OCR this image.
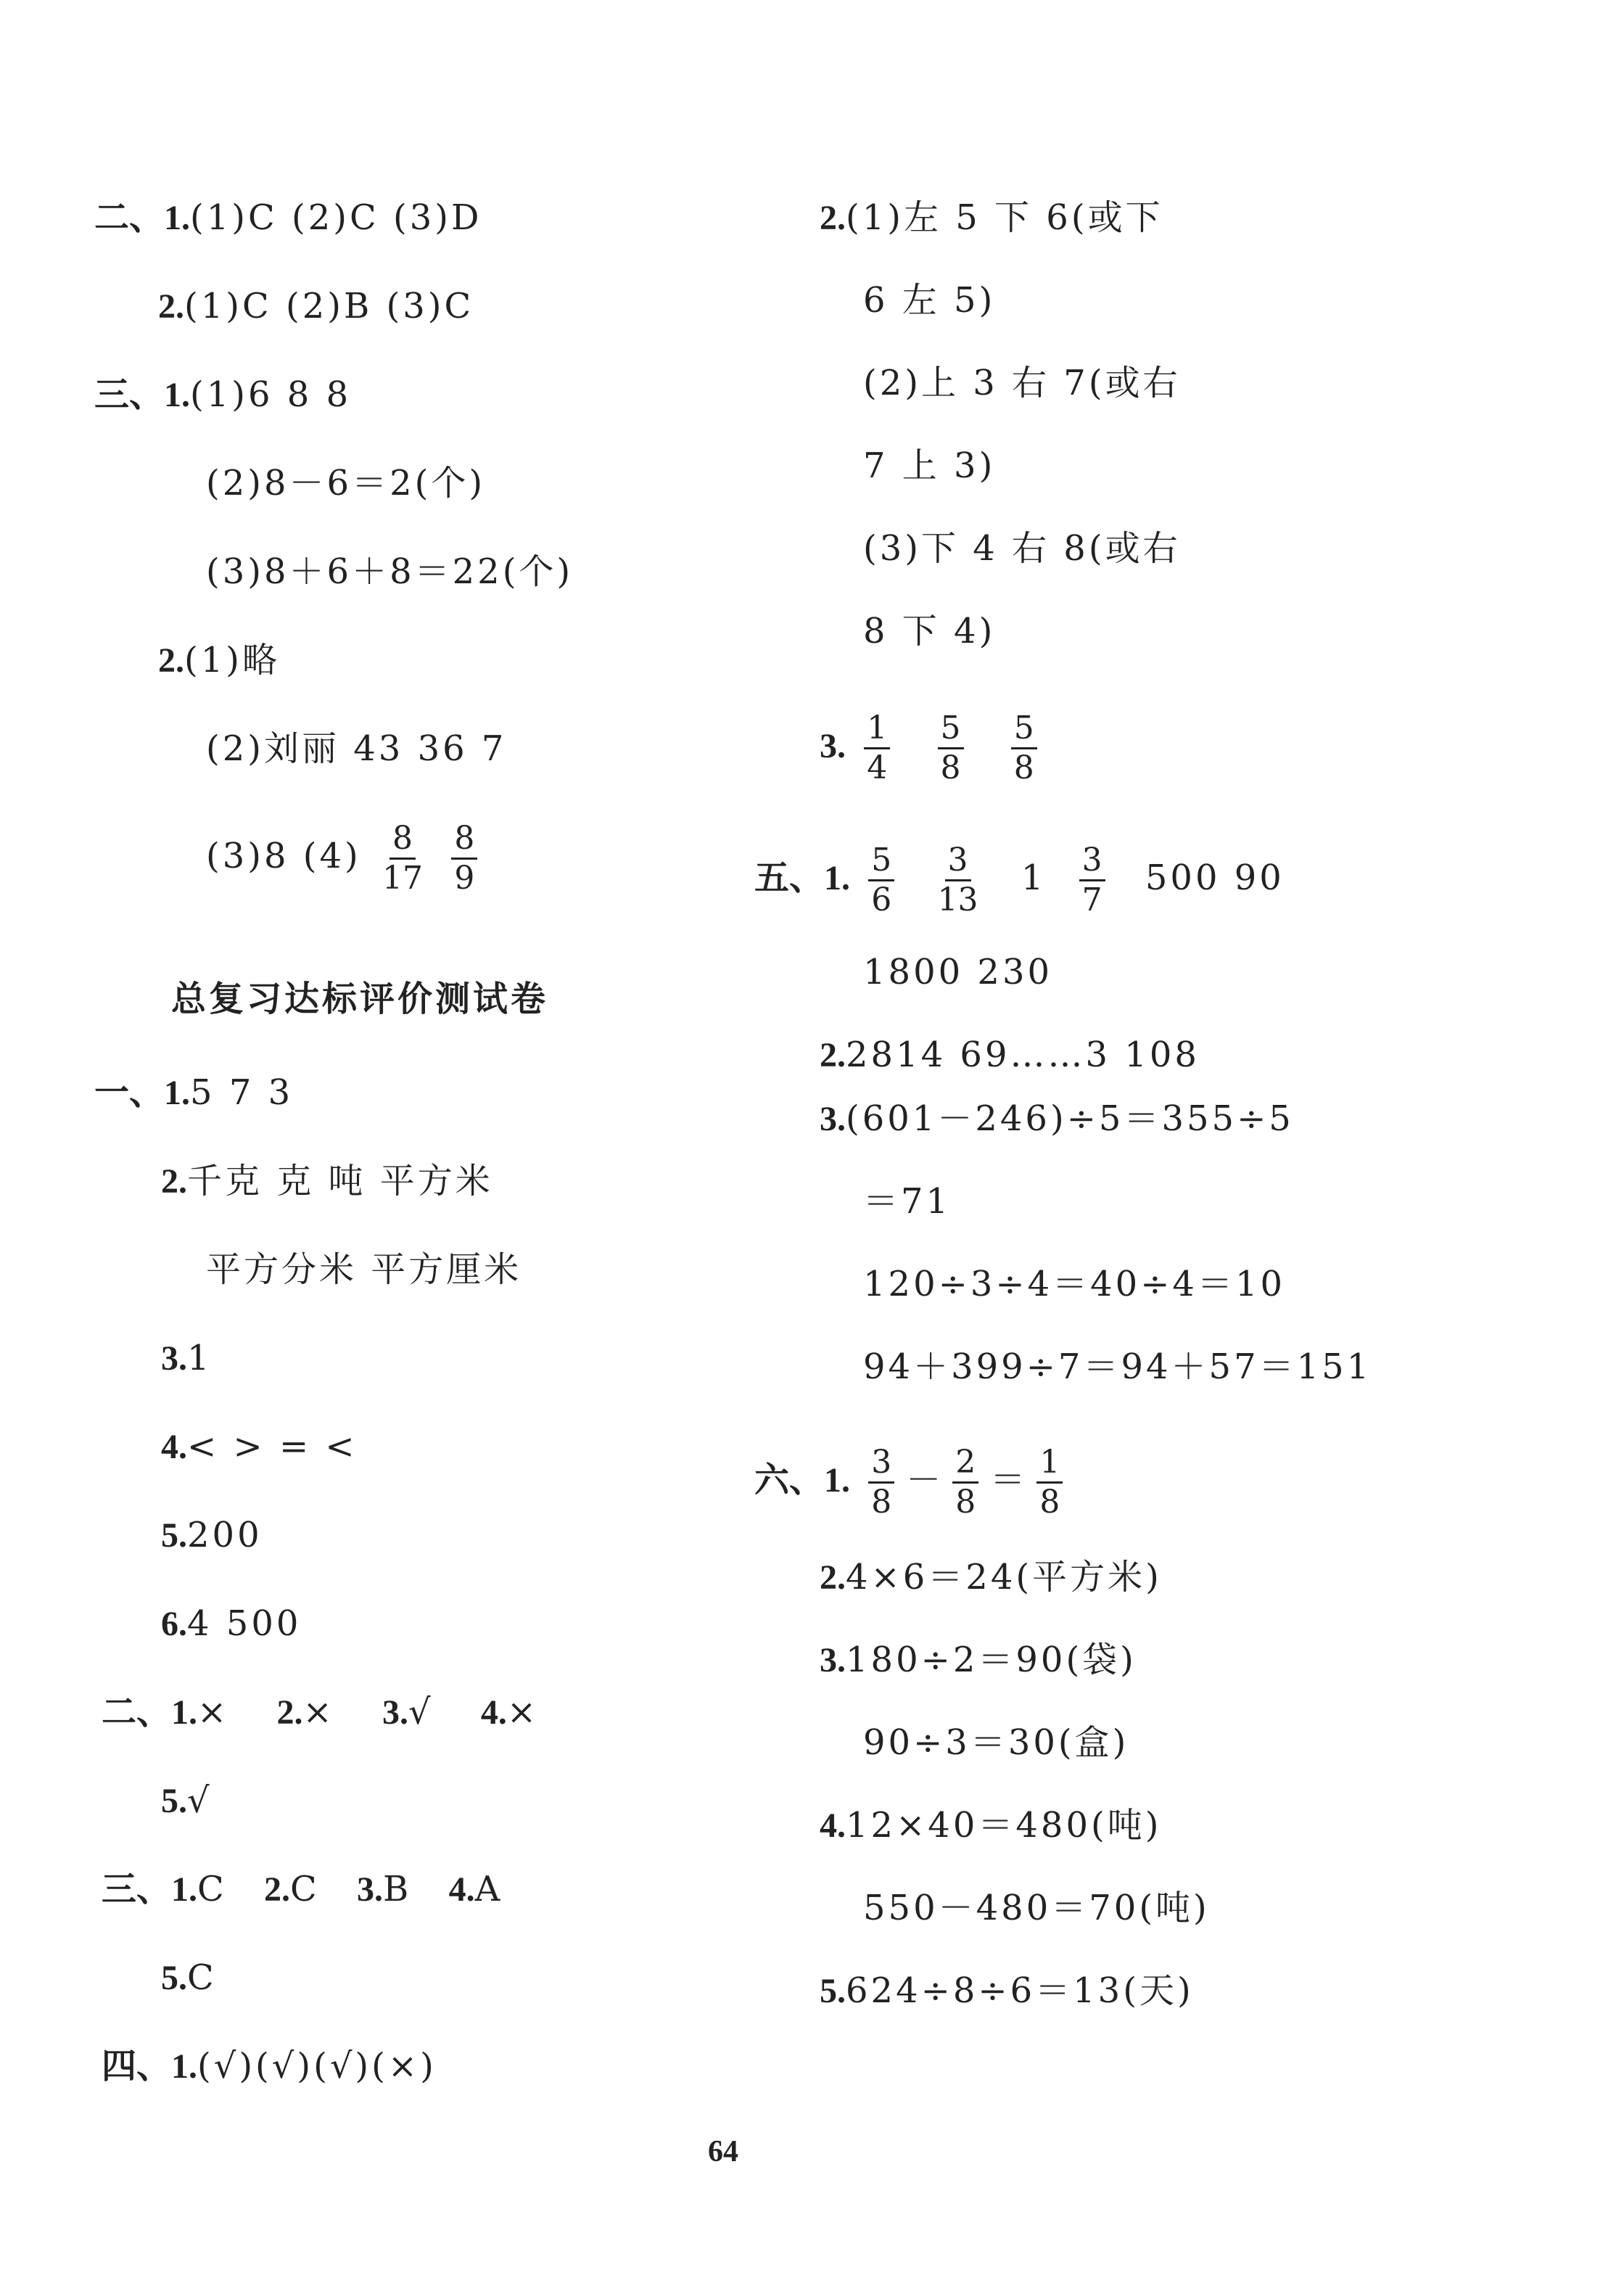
二、1.(1)C (2)C (3)D
2.(1)C (2)B (3)C
三、1.(1)6 8 8
(2)8－6＝2(个)
(3)8＋6＋8＝22(个)
2.(1)略
(2)刘丽 43 36 7
(3)8 $(4) \frac{8}{17}$
$\frac{8}{9}$
总复习达标评价测试卷
一、1.5 7 3
2.千克 克 吨 平方米
平方分米 平方厘米
3.1
4.< > = <
5.200
6.4 500
二、1.× 2.× 3.√ 4.×
5.√
三、1.C 2.C 3.B 4.A
5.C
四、1.(√)(√)(√)(×)
2.(1)左 5 下 6(或下
6 左 5)
(2)上 3 右 7(或右
7 上 3)
(3)下 4 右 8(或右
8 下 4)
3. $\frac{1}{4}$
$\frac{5}{8}$
$\frac{5}{8}$
五、1. $\frac{5}{6}$
$\frac{3}{13} 1 \frac{3}{7} 500$ 90
1800 230
2.2814 69……3 108
3.(601－246)÷5＝355÷5
＝71
120÷3÷4＝40÷4＝10
94＋399÷7＝94＋57＝151
六、1. $\frac{3}{8} - \frac{2}{8} = \frac{1}{8}$
2.4×6＝24(平方米)
3.180÷2＝90(袋)
90÷3＝30(盒)
4.12×40＝480(吨)
550－480＝70(吨)
5.624÷8÷6＝13(天)
64
